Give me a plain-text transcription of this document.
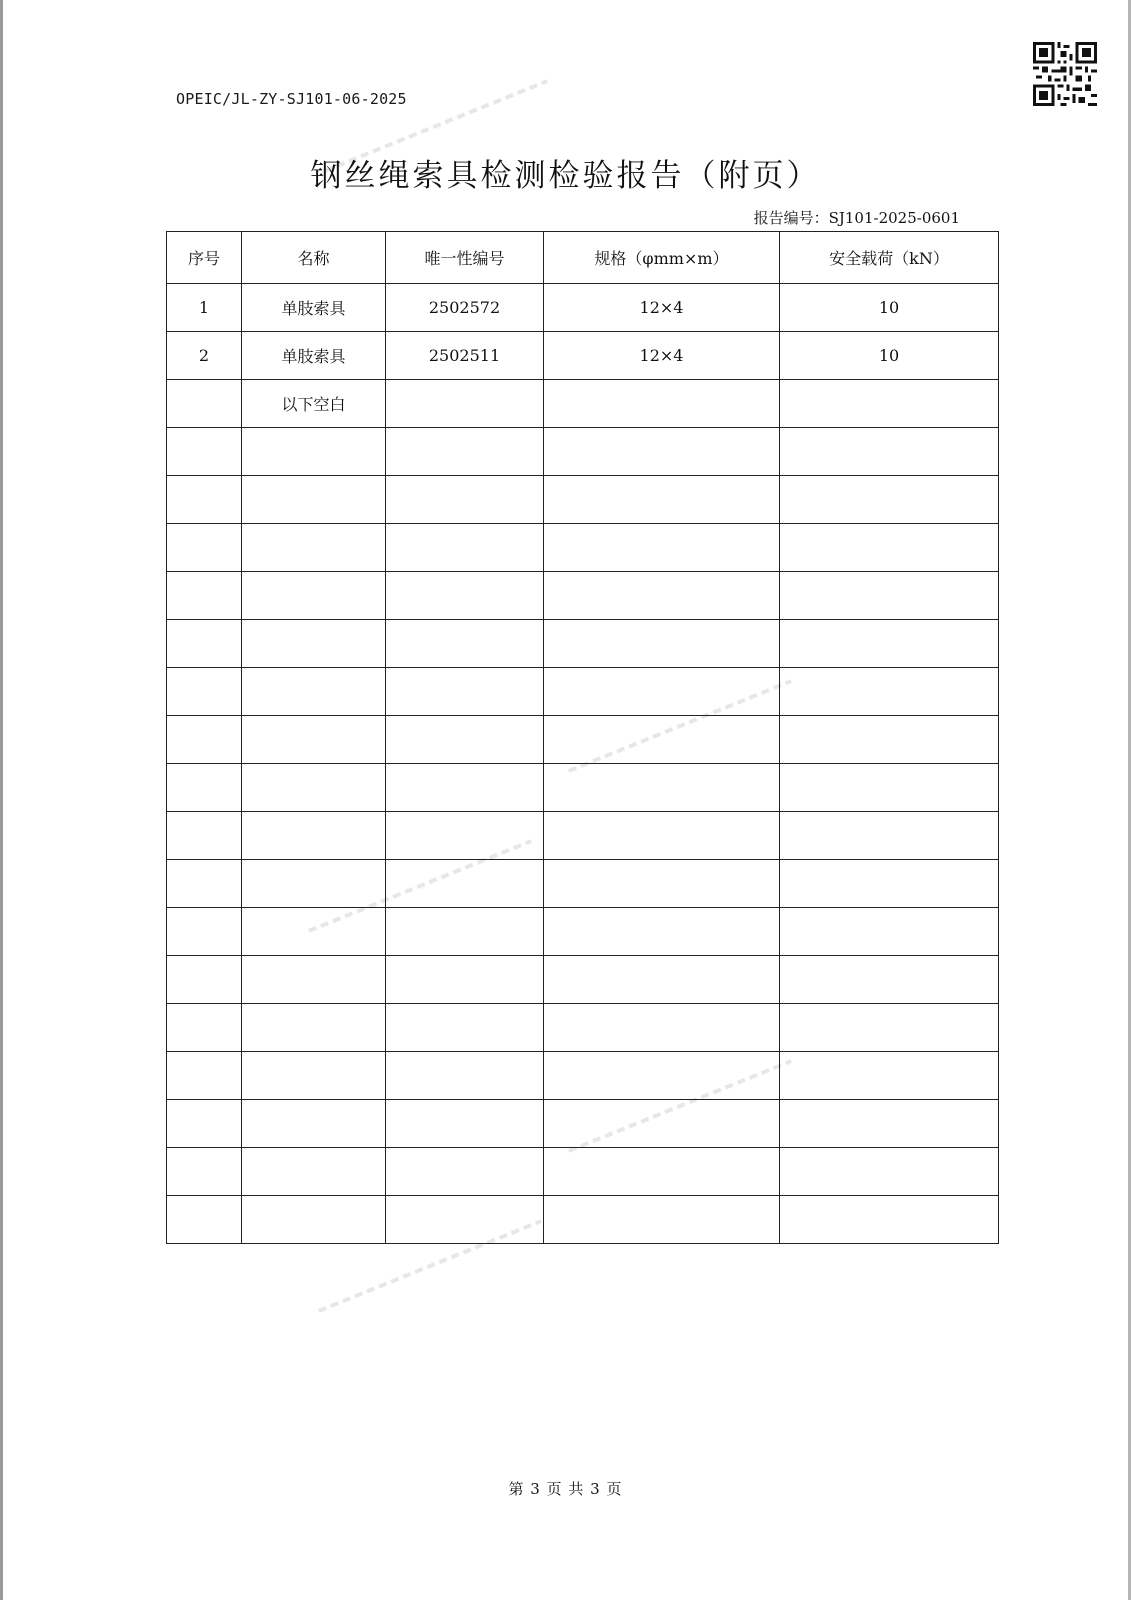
OPEIC/JL-ZY-SJ101-06-2025
钢丝绳索具检测检验报告（附页）
报告编号：SJ101-2025-0601
序号	名称	唯一性编号	规格（φmm×m）	安全载荷（kN）
1	单肢索具	2502572	12×4	10
2	单肢索具	2502511	12×4	10
	以下空白			

第 3 页 共 3 页
